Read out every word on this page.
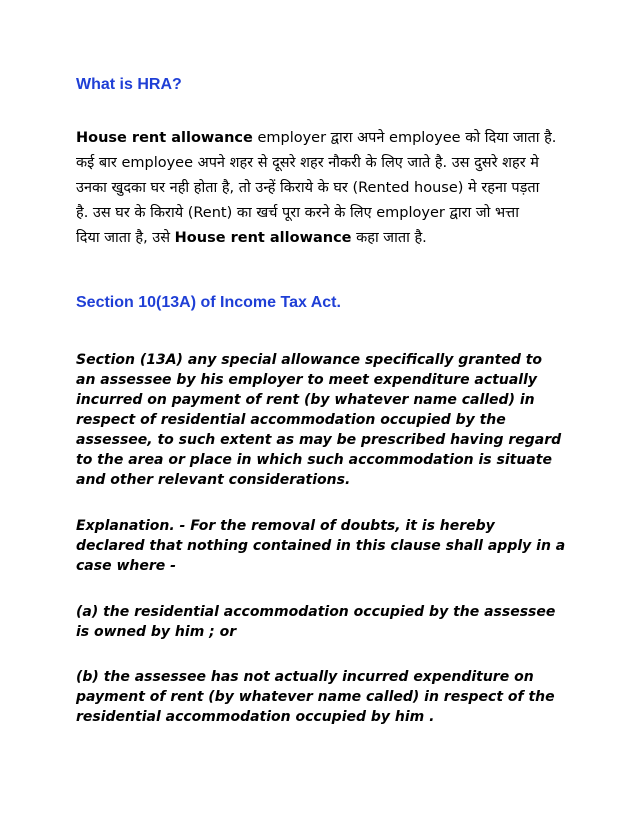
What is HRA?
House rent allowance employer द्वारा अपने employee को दिया जाता है.
कई बार employee अपने शहर से दूसरे शहर नौकरी के लिए जाते है. उस दुसरे शहर मे
उनका खुदका घर नही होता है, तो उन्हें किराये के घर (Rented house) मे रहना पड़ता
है. उस घर के किराये (Rent) का खर्च पूरा करने के लिए employer द्वारा जो भत्ता
दिया जाता है, उसे House rent allowance कहा जाता है.
Section 10(13A) of Income Tax Act.
Section (13A) any special allowance specifically granted to
an assessee by his employer to meet expenditure actually
incurred on payment of rent (by whatever name called) in
respect of residential accommodation occupied by the
assessee, to such extent as may be prescribed having regard
to the area or place in which such accommodation is situate
and other relevant considerations.
Explanation. - For the removal of doubts, it is hereby
declared that nothing contained in this clause shall apply in a
case where -
(a) the residential accommodation occupied by the assessee
is owned by him ; or
(b) the assessee has not actually incurred expenditure on
payment of rent (by whatever name called) in respect of the
residential accommodation occupied by him .
